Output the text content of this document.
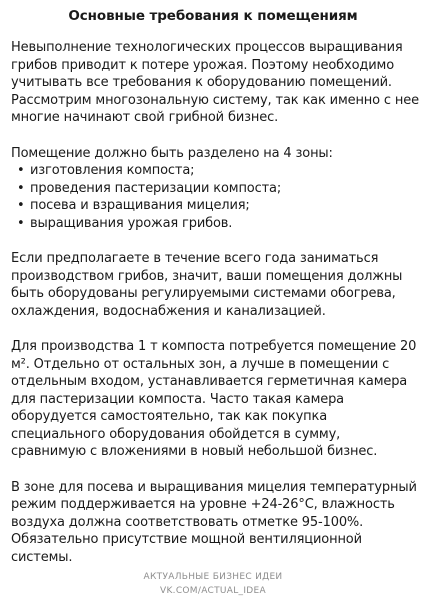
Основные требования к помещениям

Невыполнение технологических процессов выращивания грибов приводит к потере урожая. Поэтому необходимо учитывать все требования к оборудованию помещений. Рассмотрим многозональную систему, так как именно с нее многие начинают свой грибной бизнес.

Помещение должно быть разделено на 4 зоны:
• изготовления компоста;
• проведения пастеризации компоста;
• посева и взращивания мицелия;
• выращивания урожая грибов.

Если предполагаете в течение всего года заниматься производством грибов, значит, ваши помещения должны быть оборудованы регулируемыми системами обогрева, охлаждения, водоснабжения и канализацией.

Для производства 1 т компоста потребуется помещение 20 м². Отдельно от остальных зон, а лучше в помещении с отдельным входом, устанавливается герметичная камера для пастеризации компоста. Часто такая камера оборудуется самостоятельно, так как покупка специального оборудования обойдется в сумму, сравнимую с вложениями в новый небольшой бизнес.

В зоне для посева и выращивания мицелия температурный режим поддерживается на уровне +24-26°C, влажность воздуха должна соответствовать отметке 95-100%. Обязательно присутствие мощной вентиляционной системы.

АКТУАЛЬНЫЕ БИЗНЕС ИДЕИ
VK.COM/ACTUAL_IDEA
